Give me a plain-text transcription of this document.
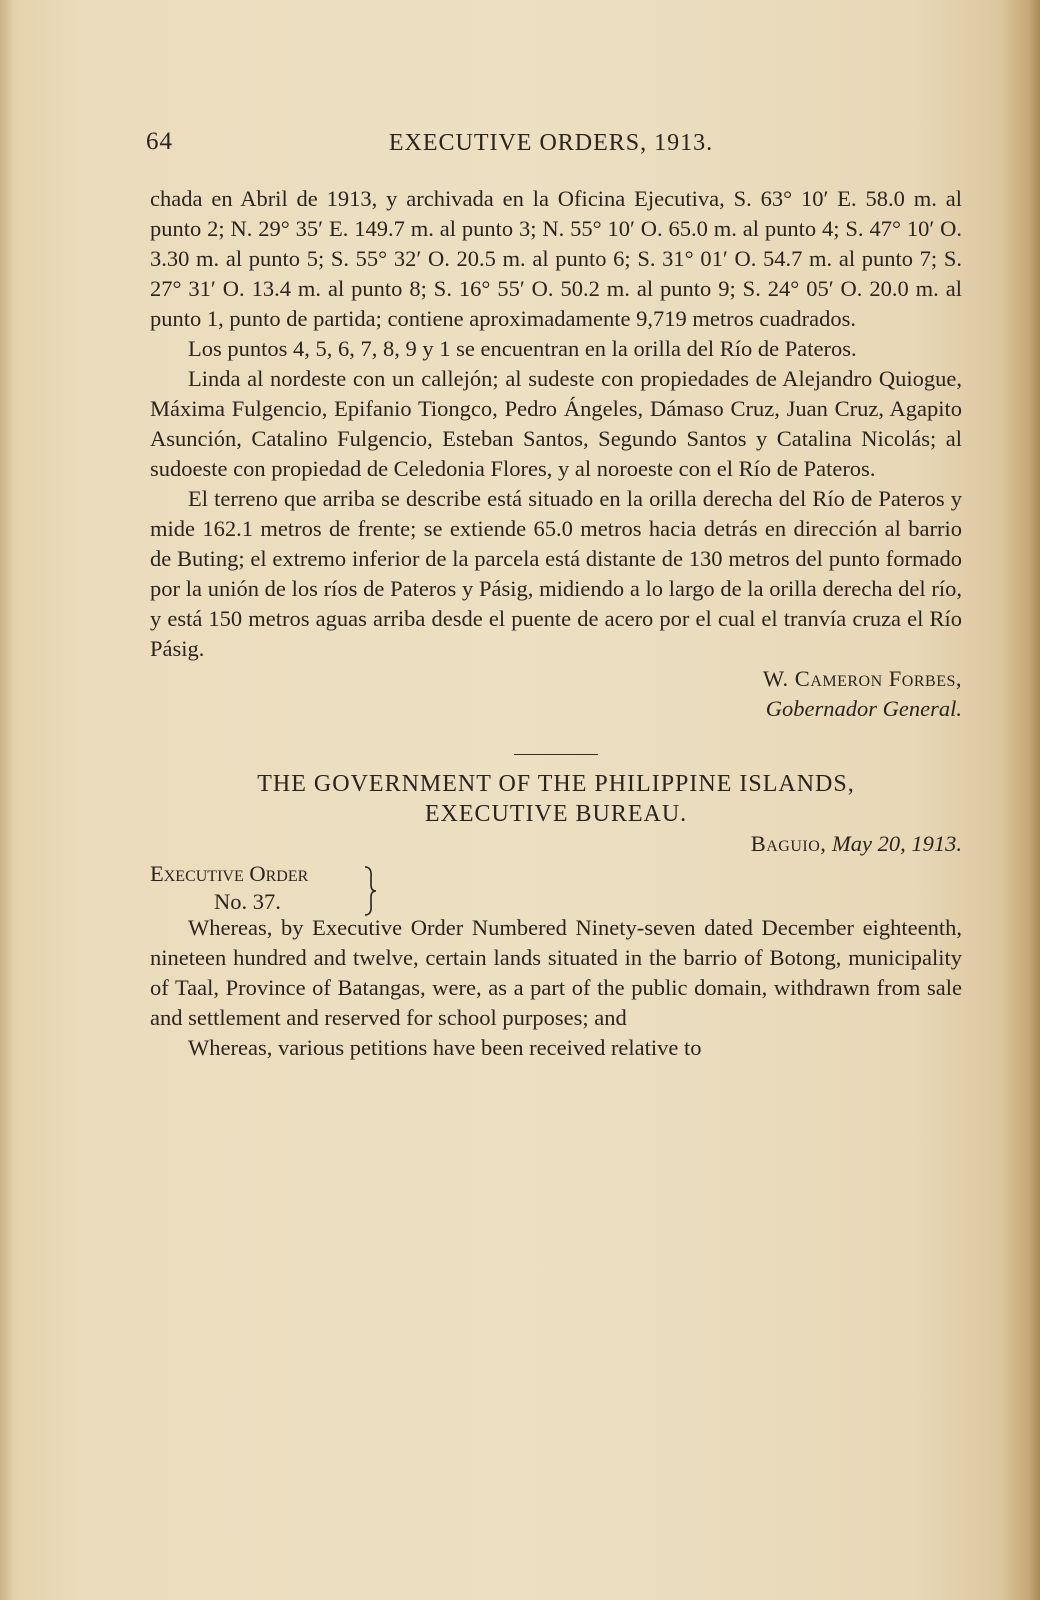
64	EXECUTIVE ORDERS, 1913.

chada en Abril de 1913, y archivada en la Oficina Ejecutiva, S. 63° 10′ E. 58.0 m. al punto 2; N. 29° 35′ E. 149.7 m. al punto 3; N. 55° 10′ O. 65.0 m. al punto 4; S. 47° 10′ O. 3.30 m. al punto 5; S. 55° 32′ O. 20.5 m. al punto 6; S. 31° 01′ O. 54.7 m. al punto 7; S. 27° 31′ O. 13.4 m. al punto 8; S. 16° 55′ O. 50.2 m. al punto 9; S. 24° 05′ O. 20.0 m. al punto 1, punto de partida; contiene aproximadamente 9,719 metros cuadrados.

Los puntos 4, 5, 6, 7, 8, 9 y 1 se encuentran en la orilla del Río de Pateros.

Linda al nordeste con un callejón; al sudeste con propiedades de Alejandro Quiogue, Máxima Fulgencio, Epifanio Tiongco, Pedro Ángeles, Dámaso Cruz, Juan Cruz, Agapito Asunción, Catalino Fulgencio, Esteban Santos, Segundo Santos y Catalina Nicolás; al sudoeste con propiedad de Celedonia Flores, y al noroeste con el Río de Pateros.

El terreno que arriba se describe está situado en la orilla derecha del Río de Pateros y mide 162.1 metros de frente; se extiende 65.0 metros hacia detrás en dirección al barrio de Buting; el extremo inferior de la parcela está distante de 130 metros del punto formado por la unión de los ríos de Pateros y Pásig, midiendo a lo largo de la orilla derecha del río, y está 150 metros aguas arriba desde el puente de acero por el cual el tranvía cruza el Río Pásig.

W. Cameron Forbes,

Gobernador General.

THE GOVERNMENT OF THE PHILIPPINE ISLANDS,

EXECUTIVE BUREAU.

Baguio, May 20, 1913.

Executive Order
No. 37.

Whereas, by Executive Order Numbered Ninety-seven dated December eighteenth, nineteen hundred and twelve, certain lands situated in the barrio of Botong, municipality of Taal, Province of Batangas, were, as a part of the public domain, withdrawn from sale and settlement and reserved for school purposes; and

Whereas, various petitions have been received relative to
